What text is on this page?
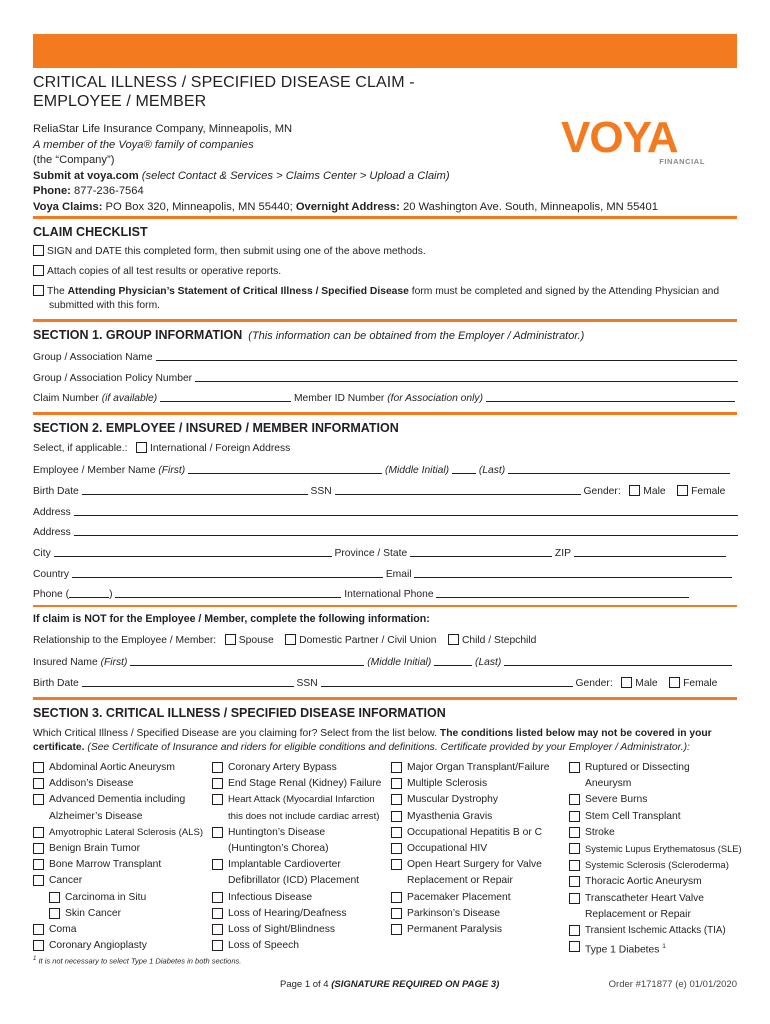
CRITICAL ILLNESS / SPECIFIED DISEASE CLAIM -
EMPLOYEE / MEMBER
ReliaStar Life Insurance Company, Minneapolis, MN
A member of the Voya® family of companies
(the “Company”)
Submit at voya.com (select Contact & Services > Claims Center > Upload a Claim)
Phone: 877-236-7564
Voya Claims: PO Box 320, Minneapolis, MN 55440; Overnight Address: 20 Washington Ave. South, Minneapolis, MN 55401
VOYA
FINANCIAL
CLAIM CHECKLIST
SIGN and DATE this completed form, then submit using one of the above methods.
Attach copies of all test results or operative reports.
The Attending Physician’s Statement of Critical Illness / Specified Disease form must be completed and signed by the Attending Physician and
submitted with this form.
SECTION 1. GROUP INFORMATION (This information can be obtained from the Employer / Administrator.)
Group / Association Name
Group / Association Policy Number
Claim Number (if available)	Member ID Number (for Association only)
SECTION 2. EMPLOYEE / INSURED / MEMBER INFORMATION
Select, if applicable.: International / Foreign Address
Employee / Member Name (First)	(Middle Initial)	(Last)
Birth Date	SSN	Gender: Male Female
Address
Address
City	Province / State	ZIP
Country	Email
Phone (	)	International Phone
If claim is NOT for the Employee / Member, complete the following information:
Relationship to the Employee / Member: Spouse Domestic Partner / Civil Union Child / Stepchild
Insured Name (First)	(Middle Initial)	(Last)
Birth Date	SSN	Gender: Male Female
SECTION 3. CRITICAL ILLNESS / SPECIFIED DISEASE INFORMATION
Which Critical Illness / Specified Disease are you claiming for? Select from the list below. The conditions listed below may not be covered in your certificate. (See Certificate of Insurance and riders for eligible conditions and definitions. Certificate provided by your Employer / Administrator.):
Abdominal Aortic Aneurysm
Addison’s Disease
Advanced Dementia including
Alzheimer’s Disease
Amyotrophic Lateral Sclerosis (ALS)
Benign Brain Tumor
Bone Marrow Transplant
Cancer
Carcinoma in Situ
Skin Cancer
Coma
Coronary Angioplasty
Coronary Artery Bypass
End Stage Renal (Kidney) Failure
Heart Attack (Myocardial Infarction
this does not include cardiac arrest)
Huntington’s Disease
(Huntington’s Chorea)
Implantable Cardioverter
Defibrillator (ICD) Placement
Infectious Disease
Loss of Hearing/Deafness
Loss of Sight/Blindness
Loss of Speech
Major Organ Transplant/Failure
Multiple Sclerosis
Muscular Dystrophy
Myasthenia Gravis
Occupational Hepatitis B or C
Occupational HIV
Open Heart Surgery for Valve
Replacement or Repair
Pacemaker Placement
Parkinson’s Disease
Permanent Paralysis
Ruptured or Dissecting
Aneurysm
Severe Burns
Stem Cell Transplant
Stroke
Systemic Lupus Erythematosus (SLE)
Systemic Sclerosis (Scleroderma)
Thoracic Aortic Aneurysm
Transcatheter Heart Valve
Replacement or Repair
Transient Ischemic Attacks (TIA)
Type 1 Diabetes $^1$
$^1$ It is not necessary to select Type 1 Diabetes in both sections.
Page 1 of 4 (SIGNATURE REQUIRED ON PAGE 3)	Order #171877 (e) 01/01/2020
